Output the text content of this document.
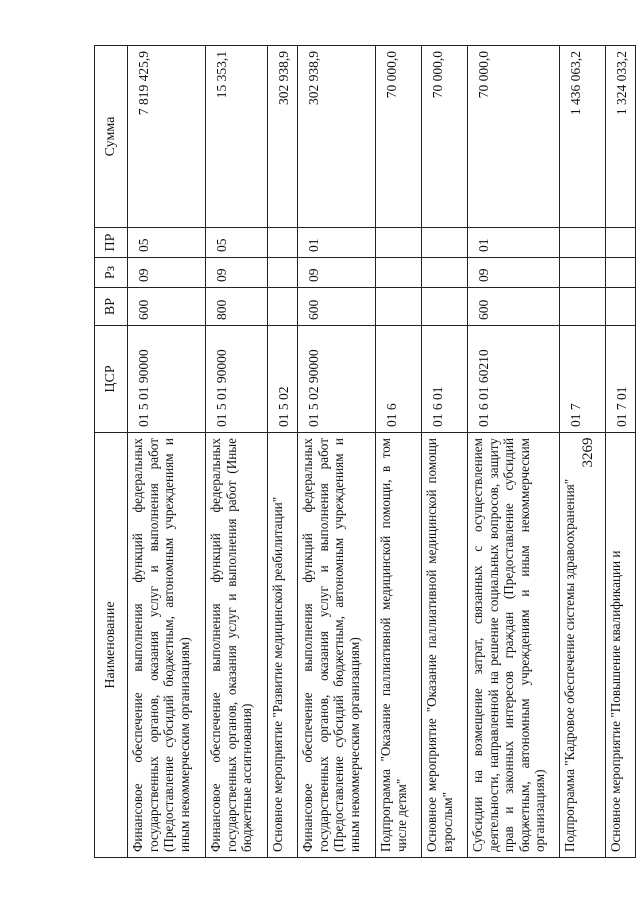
3269
Наименование	ЦСР	ВР	Рз	ПР	Сумма
Финансовое обеспечение выполнения функций федеральных государственных органов, оказания услуг и выполнения работ (Предоставление субсидий бюджетным, автономным учреждениям и иным некоммерческим организациям)	01 5 01 90000	600	09	05	7 819 425,9
Финансовое обеспечение выполнения функций федеральных государственных органов, оказания услуг и выполнения работ (Иные бюджетные ассигнования)	01 5 01 90000	800	09	05	15 353,1
Основное мероприятие "Развитие медицинской реабилитации"	01 5 02				302 938,9
Финансовое обеспечение выполнения функций федеральных государственных органов, оказания услуг и выполнения работ (Предоставление субсидий бюджетным, автономным учреждениям и иным некоммерческим организациям)	01 5 02 90000	600	09	01	302 938,9
Подпрограмма "Оказание паллиативной медицинской помощи, в том числе детям"	01 6				70 000,0
Основное мероприятие "Оказание паллиативной медицинской помощи взрослым"	01 6 01				70 000,0
Субсидии на возмещение затрат, связанных с осуществлением деятельности, направленной на решение социальных вопросов, защиту прав и законных интересов граждан (Предоставление субсидий бюджетным, автономным учреждениям и иным некоммерческим организациям)	01 6 01 60210	600	09	01	70 000,0
Подпрограмма "Кадровое обеспечение системы здравоохранения"	01 7				1 436 063,2
Основное мероприятие "Повышение квалификации и	01 7 01				1 324 033,2
